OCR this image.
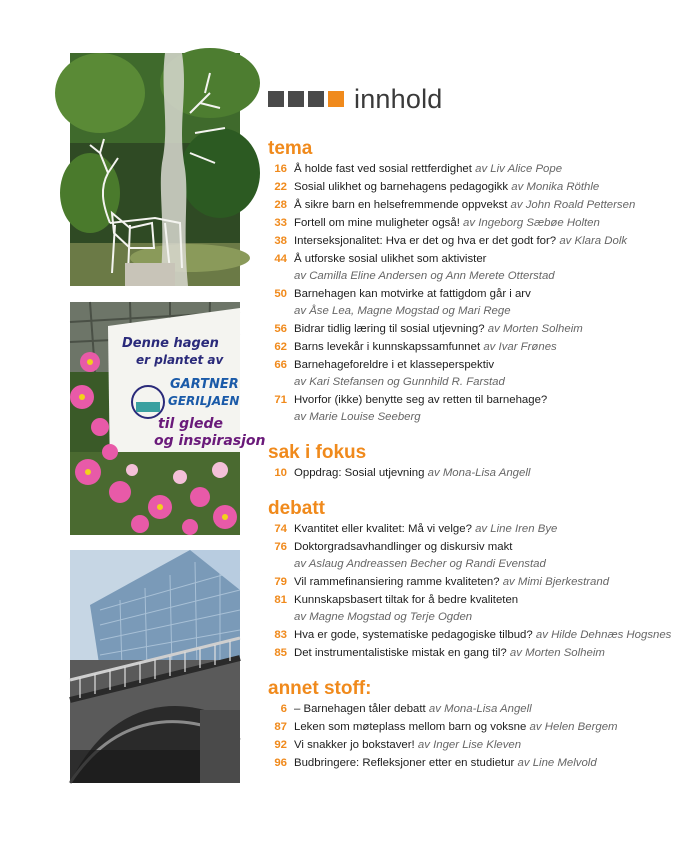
Denne hagen
er plantet av
GARTNER
GERILJAEN
til glede
og inspirasjon
innhold
tema
16 Å holde fast ved sosial rettferdighet av Liv Alice Pope
22 Sosial ulikhet og barnehagens pedagogikk av Monika Röthle
28 Å sikre barn en helsefremmende oppvekst av John Roald Pettersen
33 Fortell om mine muligheter også! av Ingeborg Sæbøe Holten
38 Interseksjonalitet: Hva er det og hva er det godt for? av Klara Dolk
44 Å utforske sosial ulikhet som aktivister
av Camilla Eline Andersen og Ann Merete Otterstad
50 Barnehagen kan motvirke at fattigdom går i arv
av Åse Lea, Magne Mogstad og Mari Rege
56 Bidrar tidlig læring til sosial utjevning? av Morten Solheim
62 Barns levekår i kunnskapssamfunnet av Ivar Frønes
66 Barnehageforeldre i et klasseperspektiv
av Kari Stefansen og Gunnhild R. Farstad
71 Hvorfor (ikke) benytte seg av retten til barnehage?
av Marie Louise Seeberg
sak i fokus
10 Oppdrag: Sosial utjevning av Mona-Lisa Angell
debatt
74 Kvantitet eller kvalitet: Må vi velge? av Line Iren Bye
76 Doktorgradsavhandlinger og diskursiv makt
av Aslaug Andreassen Becher og Randi Evenstad
79 Vil rammefinansiering ramme kvaliteten? av Mimi Bjerkestrand
81 Kunnskapsbasert tiltak for å bedre kvaliteten
av Magne Mogstad og Terje Ogden
83 Hva er gode, systematiske pedagogiske tilbud? av Hilde Dehnæs Hogsnes
85 Det instrumentalistiske mistak en gang til? av Morten Solheim
annet stoff:
6 – Barnehagen tåler debatt av Mona-Lisa Angell
87 Leken som møteplass mellom barn og voksne av Helen Bergem
92 Vi snakker jo bokstaver! av Inger Lise Kleven
96 Budbringere: Refleksjoner etter en studietur av Line Melvold
